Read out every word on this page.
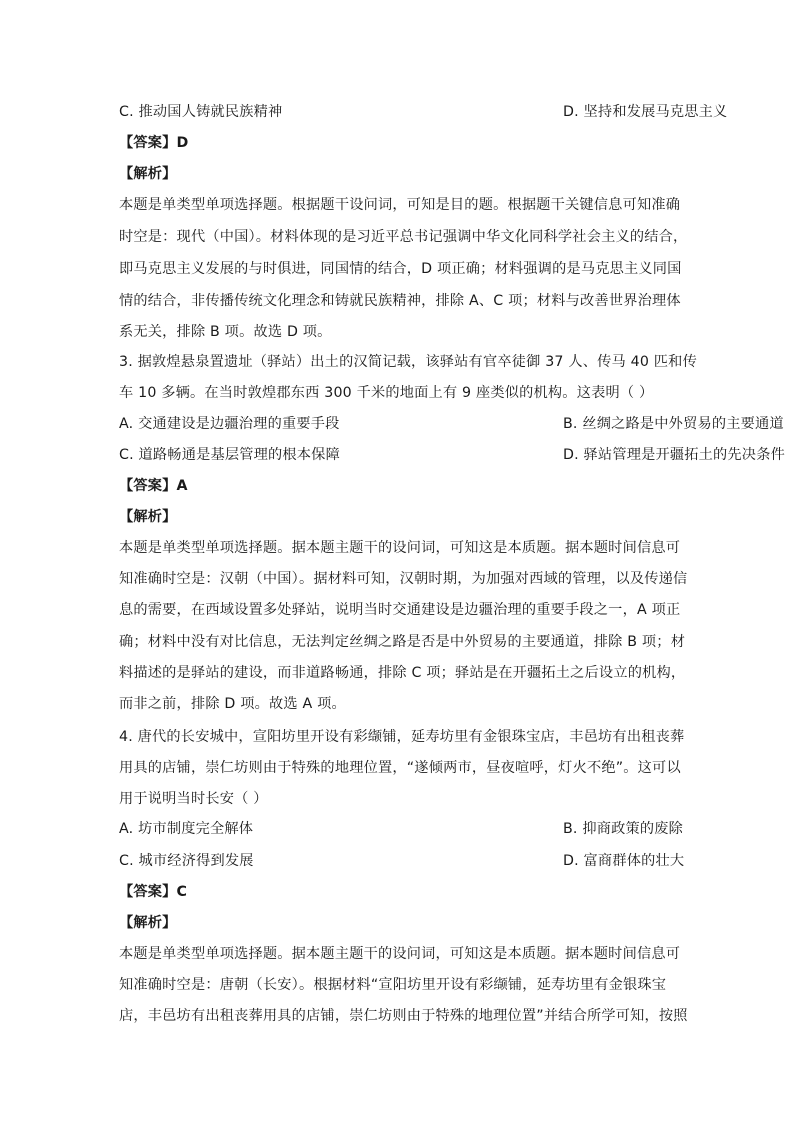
C. 推动国人铸就民族精神	D. 坚持和发展马克思主义
【答案】D
【解析】
本题是单类型单项选择题。根据题干设问词，可知是目的题。根据题干关键信息可知准确
时空是：现代（中国）。材料体现的是习近平总书记强调中华文化同科学社会主义的结合，
即马克思主义发展的与时俱进，同国情的结合，D 项正确；材料强调的是马克思主义同国
情的结合，非传播传统文化理念和铸就民族精神，排除 A、C 项；材料与改善世界治理体
系无关，排除 B 项。故选 D 项。
3. 据敦煌悬泉置遗址（驿站）出土的汉简记载，该驿站有官卒徒御 37 人、传马 40 匹和传
车 10 多辆。在当时敦煌郡东西 300 千米的地面上有 9 座类似的机构。这表明（ ）
A. 交通建设是边疆治理的重要手段	B. 丝绸之路是中外贸易的主要通道
C. 道路畅通是基层管理的根本保障	D. 驿站管理是开疆拓土的先决条件
【答案】A
【解析】
本题是单类型单项选择题。据本题主题干的设问词，可知这是本质题。据本题时间信息可
知准确时空是：汉朝（中国）。据材料可知，汉朝时期，为加强对西域的管理，以及传递信
息的需要，在西域设置多处驿站，说明当时交通建设是边疆治理的重要手段之一，A 项正
确；材料中没有对比信息，无法判定丝绸之路是否是中外贸易的主要通道，排除 B 项；材
料描述的是驿站的建设，而非道路畅通，排除 C 项；驿站是在开疆拓土之后设立的机构，
而非之前，排除 D 项。故选 A 项。
4. 唐代的长安城中，宣阳坊里开设有彩缬铺，延寿坊里有金银珠宝店，丰邑坊有出租丧葬
用具的店铺，崇仁坊则由于特殊的地理位置，“遂倾两市，昼夜喧呼，灯火不绝”。这可以
用于说明当时长安（ ）
A. 坊市制度完全解体	B. 抑商政策的废除
C. 城市经济得到发展	D. 富商群体的壮大
【答案】C
【解析】
本题是单类型单项选择题。据本题主题干的设问词，可知这是本质题。据本题时间信息可
知准确时空是：唐朝（长安）。根据材料“宣阳坊里开设有彩缬铺，延寿坊里有金银珠宝
店，丰邑坊有出租丧葬用具的店铺，崇仁坊则由于特殊的地理位置”并结合所学可知，按照
